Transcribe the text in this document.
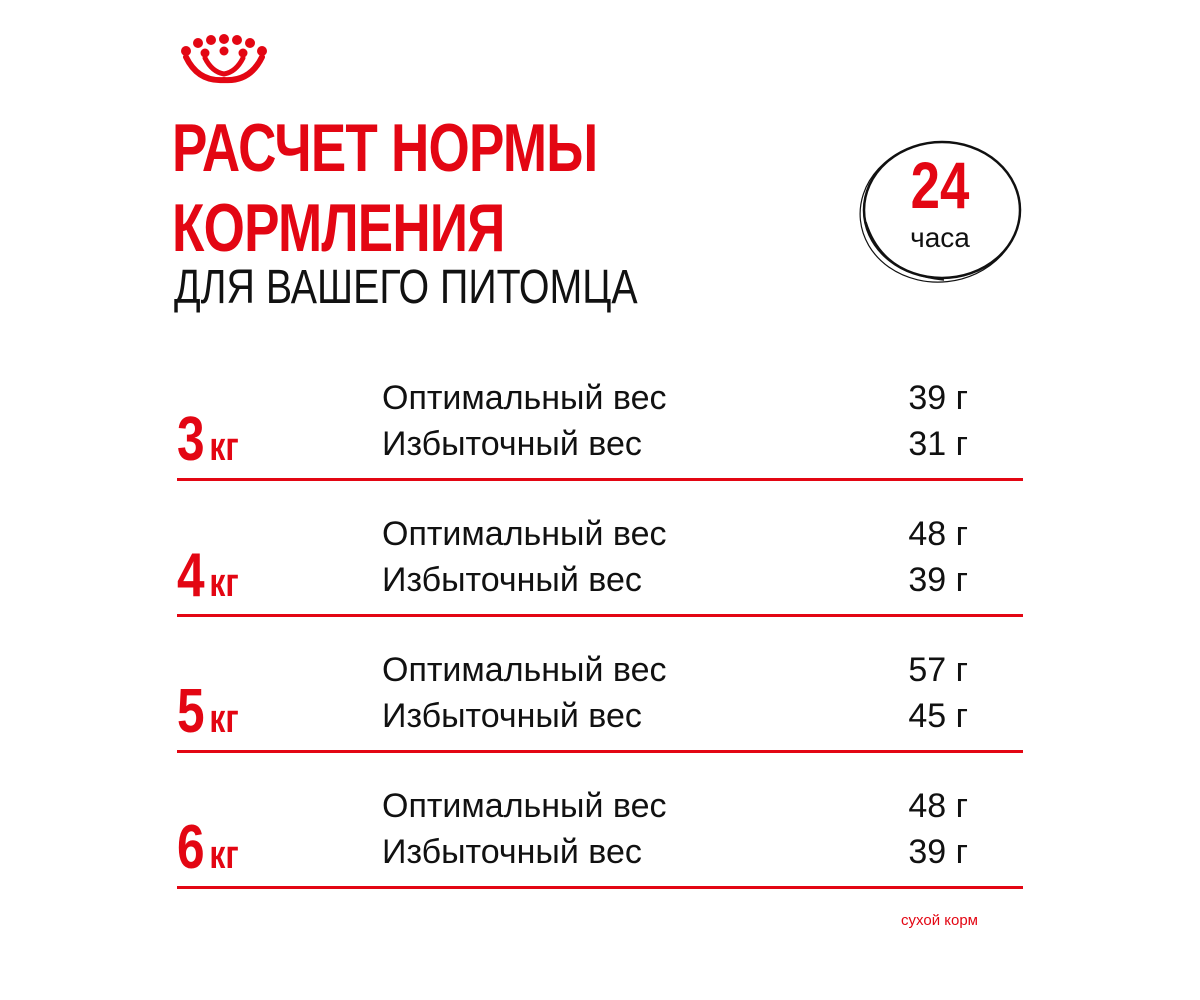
РАСЧЕТ НОРМЫ
КОРМЛЕНИЯ
ДЛЯ ВАШЕГО ПИТОМЦА
24
часа
3 кг
Оптимальный вес	39 г
Избыточный вес	31 г
4 кг
Оптимальный вес	48 г
Избыточный вес	39 г
5 кг
Оптимальный вес	57 г
Избыточный вес	45 г
6 кг
Оптимальный вес	48 г
Избыточный вес	39 г
сухой корм
